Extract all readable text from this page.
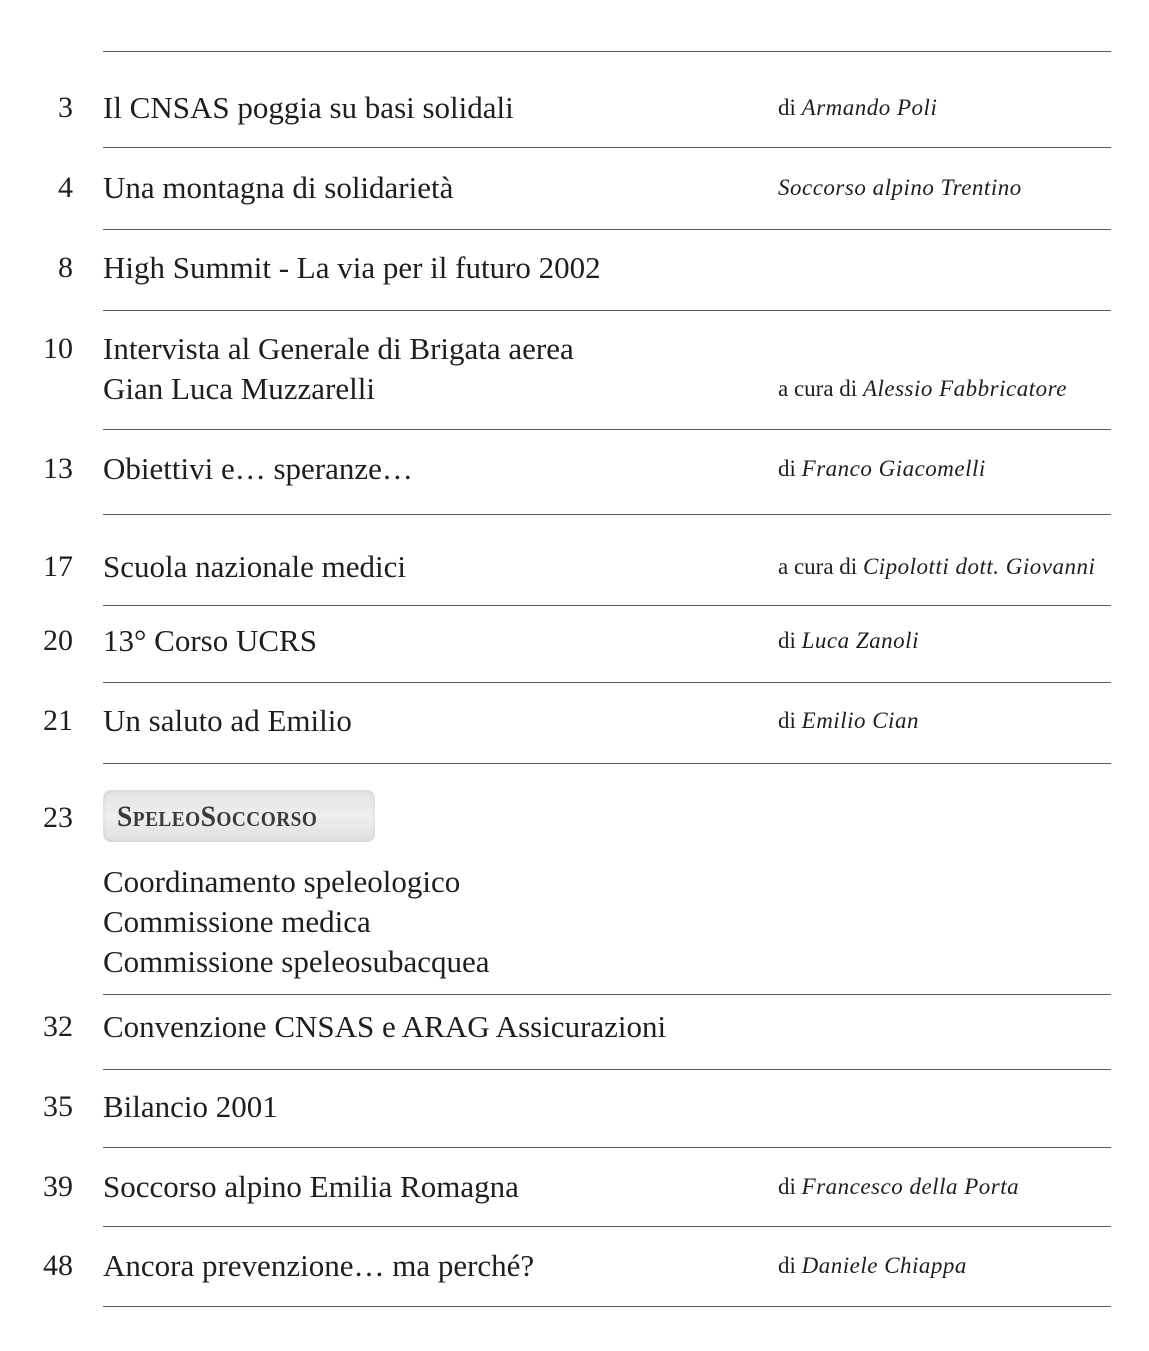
3 Il CNSAS poggia su basi solidali	di Armando Poli
4 Una montagna di solidarietà	Soccorso alpino Trentino
8 High Summit - La via per il futuro 2002
10 Intervista al Generale di Brigata aerea
Gian Luca Muzzarelli	a cura di Alessio Fabbricatore
13 Obiettivi e… speranze…	di Franco Giacomelli
17 Scuola nazionale medici	a cura di Cipolotti dott. Giovanni
20 13° Corso UCRS	di Luca Zanoli
21 Un saluto ad Emilio	di Emilio Cian
23 SpeleoSoccorso
Coordinamento speleologico
Commissione medica
Commissione speleosubacquea
32 Convenzione CNSAS e ARAG Assicurazioni
35 Bilancio 2001
39 Soccorso alpino Emilia Romagna	di Francesco della Porta
48 Ancora prevenzione… ma perché?	di Daniele Chiappa
